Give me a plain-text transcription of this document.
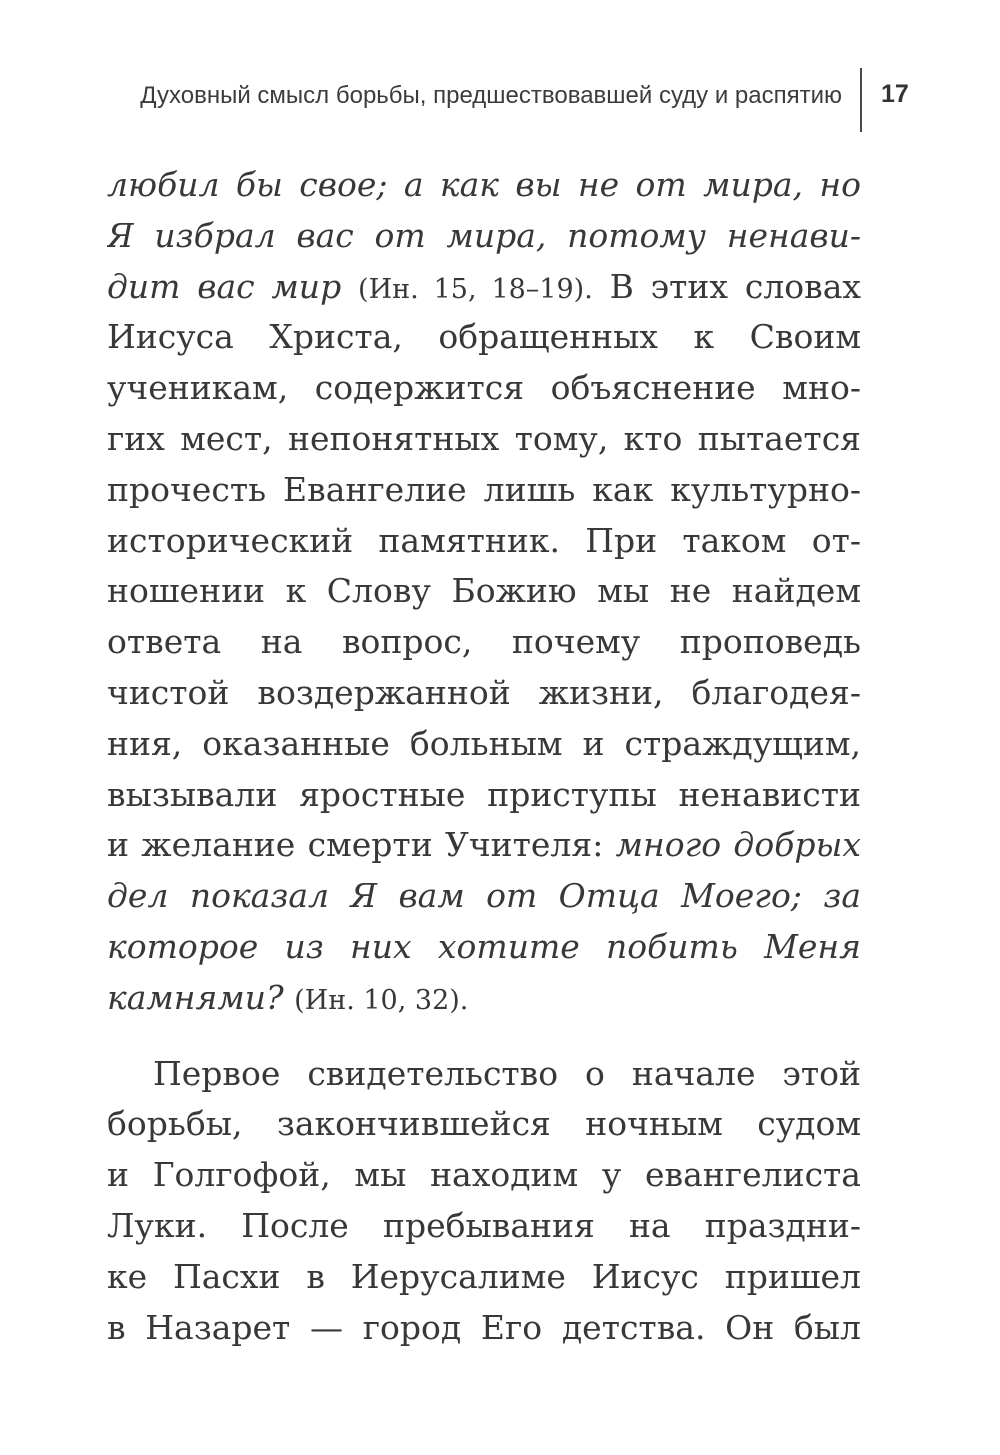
Духовный смысл борьбы, предшествовавшей суду и распятию 17
любил бы свое; а как вы не от мира, но
Я избрал вас от мира, потому ненави-
дит вас мир (Ин. 15, 18–19). В этих словах
Иисуса Христа, обращенных к Своим
ученикам, содержится объяснение мно-
гих мест, непонятных тому, кто пытается
прочесть Евангелие лишь как культурно-
исторический памятник. При таком от-
ношении к Слову Божию мы не найдем
ответа на вопрос, почему проповедь
чистой воздержанной жизни, благодея-
ния, оказанные больным и страждущим,
вызывали яростные приступы ненависти
и желание смерти Учителя: много добрых
дел показал Я вам от Отца Моего; за
которое из них хотите побить Меня
камнями? (Ин. 10, 32).
Первое свидетельство о начале этой
борьбы, закончившейся ночным судом
и Голгофой, мы находим у евангелиста
Луки. После пребывания на праздни-
ке Пасхи в Иерусалиме Иисус пришел
в Назарет — город Его детства. Он был
